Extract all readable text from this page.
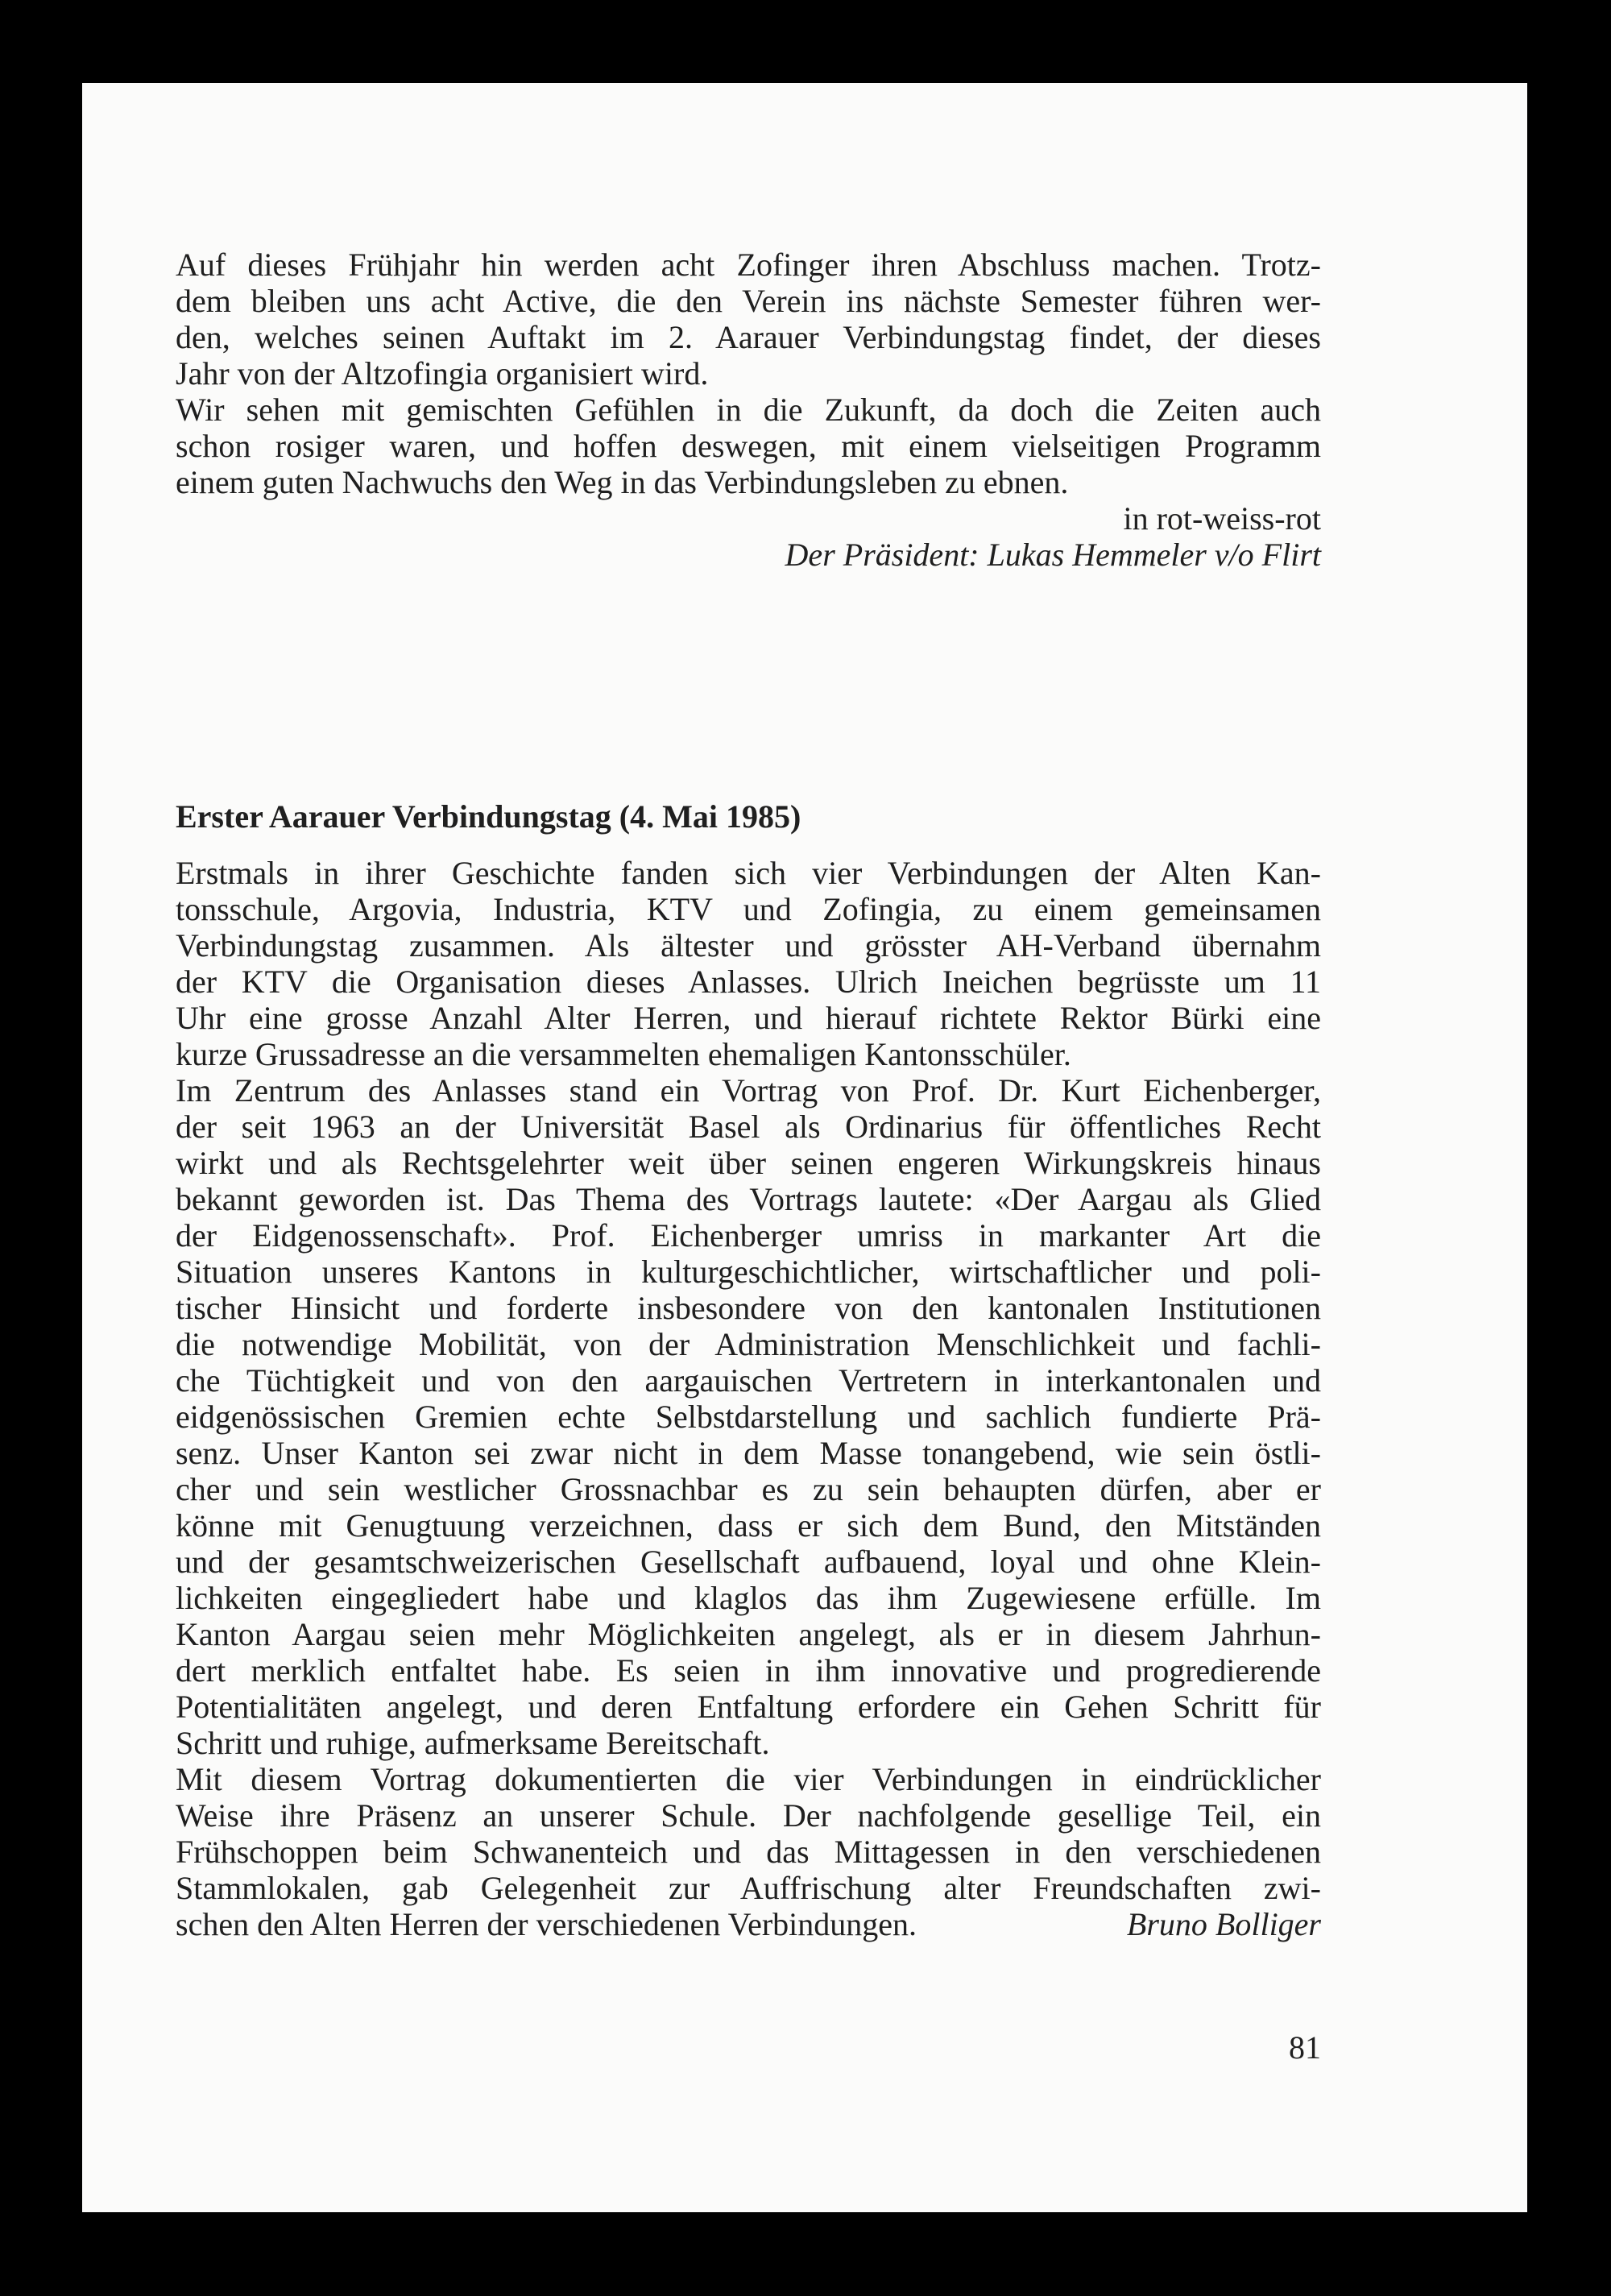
Auf dieses Frühjahr hin werden acht Zofinger ihren Abschluss machen. Trotz-
dem bleiben uns acht Active, die den Verein ins nächste Semester führen wer-
den, welches seinen Auftakt im 2. Aarauer Verbindungstag findet, der dieses
Jahr von der Altzofingia organisiert wird.
Wir sehen mit gemischten Gefühlen in die Zukunft, da doch die Zeiten auch
schon rosiger waren, und hoffen deswegen, mit einem vielseitigen Programm
einem guten Nachwuchs den Weg in das Verbindungsleben zu ebnen.
in rot-weiss-rot
Der Präsident: Lukas Hemmeler v/o Flirt
Erster Aarauer Verbindungstag (4. Mai 1985)
Erstmals in ihrer Geschichte fanden sich vier Verbindungen der Alten Kan-
tonsschule, Argovia, Industria, KTV und Zofingia, zu einem gemeinsamen
Verbindungstag zusammen. Als ältester und grösster AH-Verband übernahm
der KTV die Organisation dieses Anlasses. Ulrich Ineichen begrüsste um 11
Uhr eine grosse Anzahl Alter Herren, und hierauf richtete Rektor Bürki eine
kurze Grussadresse an die versammelten ehemaligen Kantonsschüler.
Im Zentrum des Anlasses stand ein Vortrag von Prof. Dr. Kurt Eichenberger,
der seit 1963 an der Universität Basel als Ordinarius für öffentliches Recht
wirkt und als Rechtsgelehrter weit über seinen engeren Wirkungskreis hinaus
bekannt geworden ist. Das Thema des Vortrags lautete: «Der Aargau als Glied
der Eidgenossenschaft». Prof. Eichenberger umriss in markanter Art die
Situation unseres Kantons in kulturgeschichtlicher, wirtschaftlicher und poli-
tischer Hinsicht und forderte insbesondere von den kantonalen Institutionen
die notwendige Mobilität, von der Administration Menschlichkeit und fachli-
che Tüchtigkeit und von den aargauischen Vertretern in interkantonalen und
eidgenössischen Gremien echte Selbstdarstellung und sachlich fundierte Prä-
senz. Unser Kanton sei zwar nicht in dem Masse tonangebend, wie sein östli-
cher und sein westlicher Grossnachbar es zu sein behaupten dürfen, aber er
könne mit Genugtuung verzeichnen, dass er sich dem Bund, den Mitständen
und der gesamtschweizerischen Gesellschaft aufbauend, loyal und ohne Klein-
lichkeiten eingegliedert habe und klaglos das ihm Zugewiesene erfülle. Im
Kanton Aargau seien mehr Möglichkeiten angelegt, als er in diesem Jahrhun-
dert merklich entfaltet habe. Es seien in ihm innovative und progredierende
Potentialitäten angelegt, und deren Entfaltung erfordere ein Gehen Schritt für
Schritt und ruhige, aufmerksame Bereitschaft.
Mit diesem Vortrag dokumentierten die vier Verbindungen in eindrücklicher
Weise ihre Präsenz an unserer Schule. Der nachfolgende gesellige Teil, ein
Frühschoppen beim Schwanenteich und das Mittagessen in den verschiedenen
Stammlokalen, gab Gelegenheit zur Auffrischung alter Freundschaften zwi-
schen den Alten Herren der verschiedenen Verbindungen.	Bruno Bolliger
81
